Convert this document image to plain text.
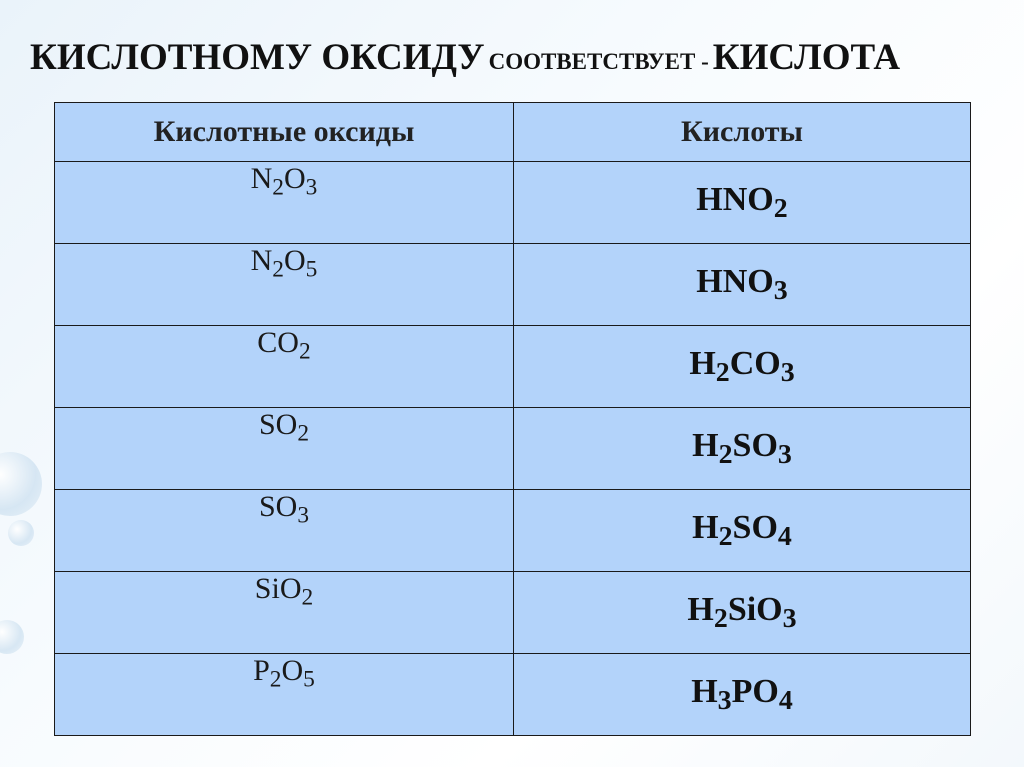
КИСЛОТНОМУ ОКСИДУ СООТВЕТСТВУЕТ - КИСЛОТА
Кислотные оксиды	Кислоты
$N_2O_3$	$HNO_2$
$N_2O_5$	$HNO_3$
$CO_2$	$H_2CO_3$
$SO_2$	$H_2SO_3$
$SO_3$	$H_2SO_4$
SiO$_2$	$H_2SiO_3$
$P_2O_5$	$H_3PO_4$
